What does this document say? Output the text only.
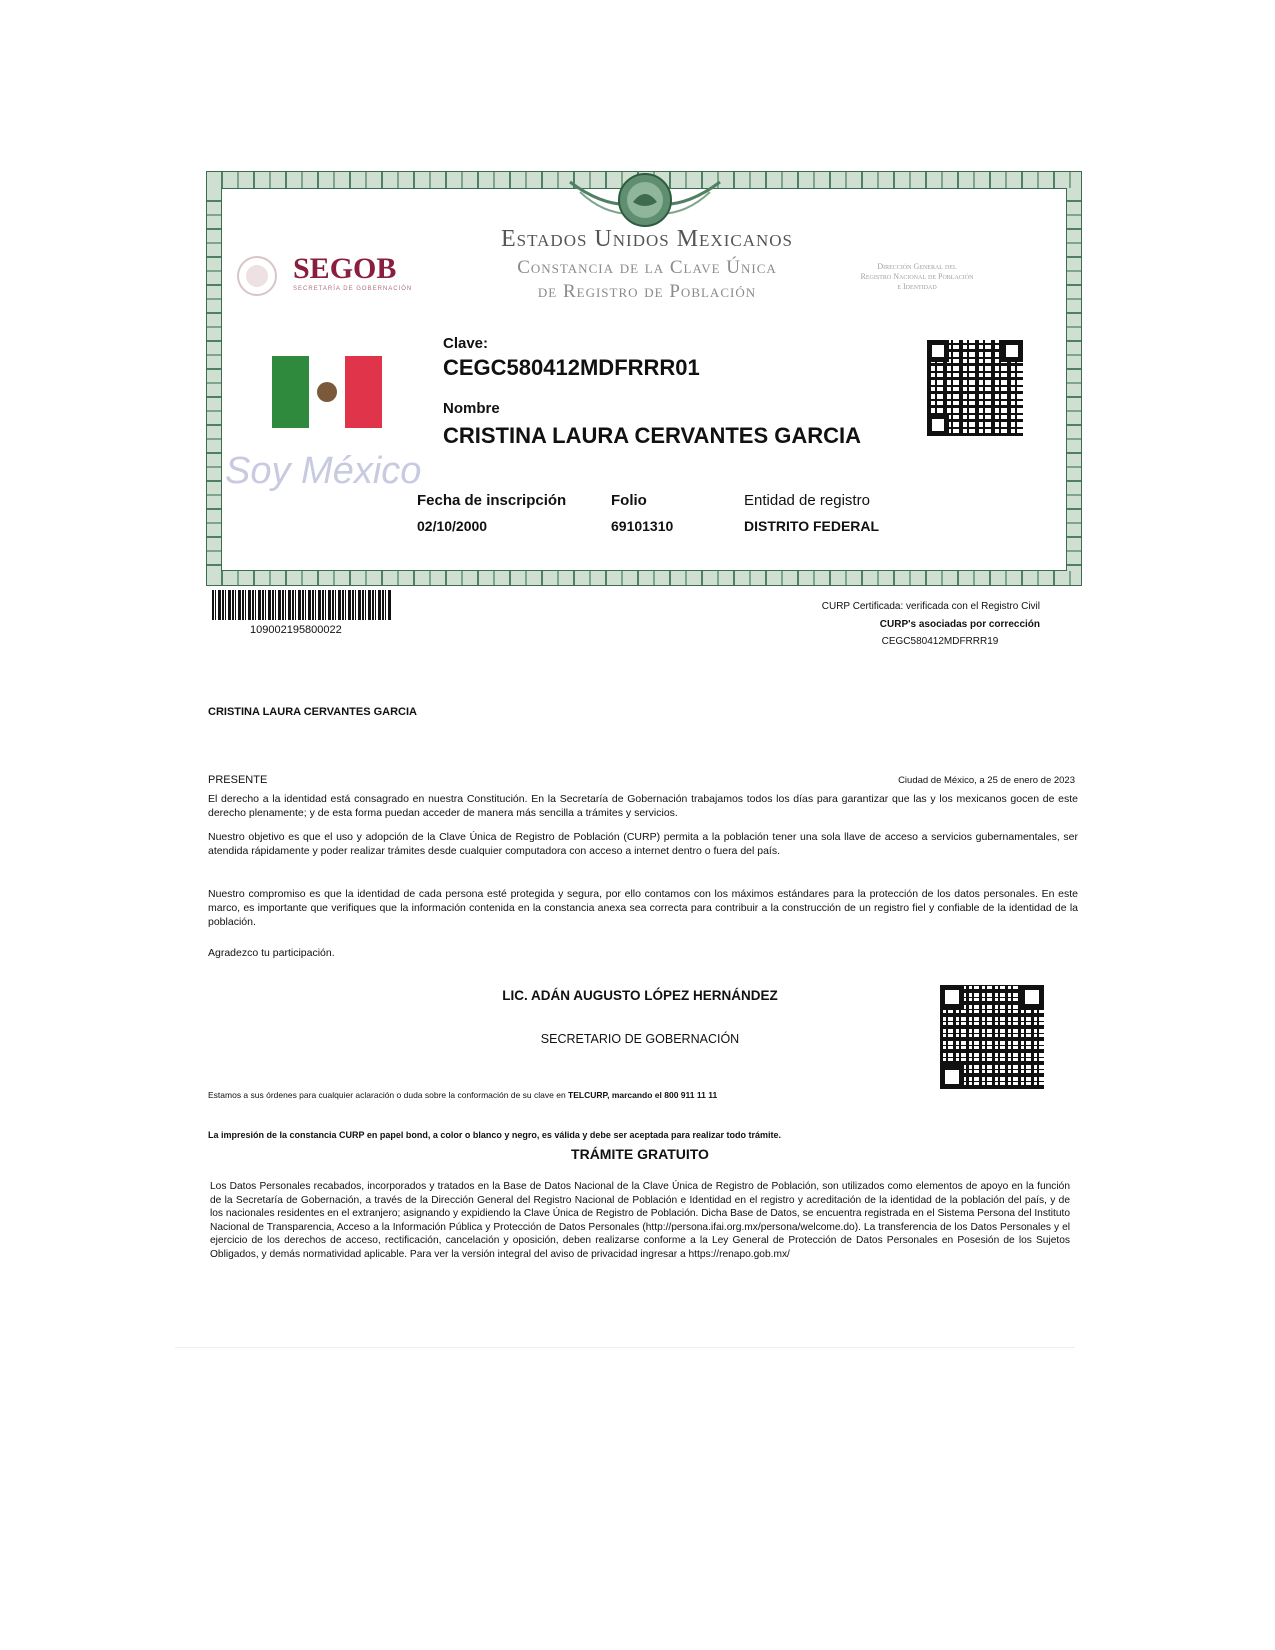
Estados Unidos Mexicanos
Constancia de la Clave Única
de Registro de Población
SEGOB
SECRETARÍA DE GOBERNACIÓN
Dirección General del
Registro Nacional de Población
e Identidad
Clave:
CEGC580412MDFRRR01
Nombre
CRISTINA LAURA CERVANTES GARCIA
Soy México
Fecha de inscripción
02/10/2000
Folio
69101310
Entidad de registro
DISTRITO FEDERAL
109002195800022
CURP Certificada: verificada con el Registro Civil
CURP's asociadas por corrección
CEGC580412MDFRRR19
CRISTINA LAURA CERVANTES GARCIA
PRESENTE	Ciudad de México, a 25 de enero de 2023
El derecho a la identidad está consagrado en nuestra Constitución. En la Secretaría de Gobernación trabajamos todos los días para garantizar que las y los mexicanos gocen de este derecho plenamente; y de esta forma puedan acceder de manera más sencilla a trámites y servicios.
Nuestro objetivo es que el uso y adopción de la Clave Única de Registro de Población (CURP) permita a la población tener una sola llave de acceso a servicios gubernamentales, ser atendida rápidamente y poder realizar trámites desde cualquier computadora con acceso a internet dentro o fuera del país.
Nuestro compromiso es que la identidad de cada persona esté protegida y segura, por ello contamos con los máximos estándares para la protección de los datos personales. En este marco, es importante que verifiques que la información contenida en la constancia anexa sea correcta para contribuir a la construcción de un registro fiel y confiable de la identidad de la población.
Agradezco tu participación.
LIC. ADÁN AUGUSTO LÓPEZ HERNÁNDEZ
SECRETARIO DE GOBERNACIÓN
Estamos a sus órdenes para cualquier aclaración o duda sobre la conformación de su clave en TELCURP, marcando el 800 911 11 11
La impresión de la constancia CURP en papel bond, a color o blanco y negro, es válida y debe ser aceptada para realizar todo trámite.
TRÁMITE GRATUITO
Los Datos Personales recabados, incorporados y tratados en la Base de Datos Nacional de la Clave Única de Registro de Población, son utilizados como elementos de apoyo en la función de la Secretaría de Gobernación, a través de la Dirección General del Registro Nacional de Población e Identidad en el registro y acreditación de la identidad de la población del país, y de los nacionales residentes en el extranjero; asignando y expidiendo la Clave Única de Registro de Población. Dicha Base de Datos, se encuentra registrada en el Sistema Persona del Instituto Nacional de Transparencia, Acceso a la Información Pública y Protección de Datos Personales (http://persona.ifai.org.mx/persona/welcome.do). La transferencia de los Datos Personales y el ejercicio de los derechos de acceso, rectificación, cancelación y oposición, deben realizarse conforme a la Ley General de Protección de Datos Personales en Posesión de los Sujetos Obligados, y demás normatividad aplicable. Para ver la versión integral del aviso de privacidad ingresar a https://renapo.gob.mx/
